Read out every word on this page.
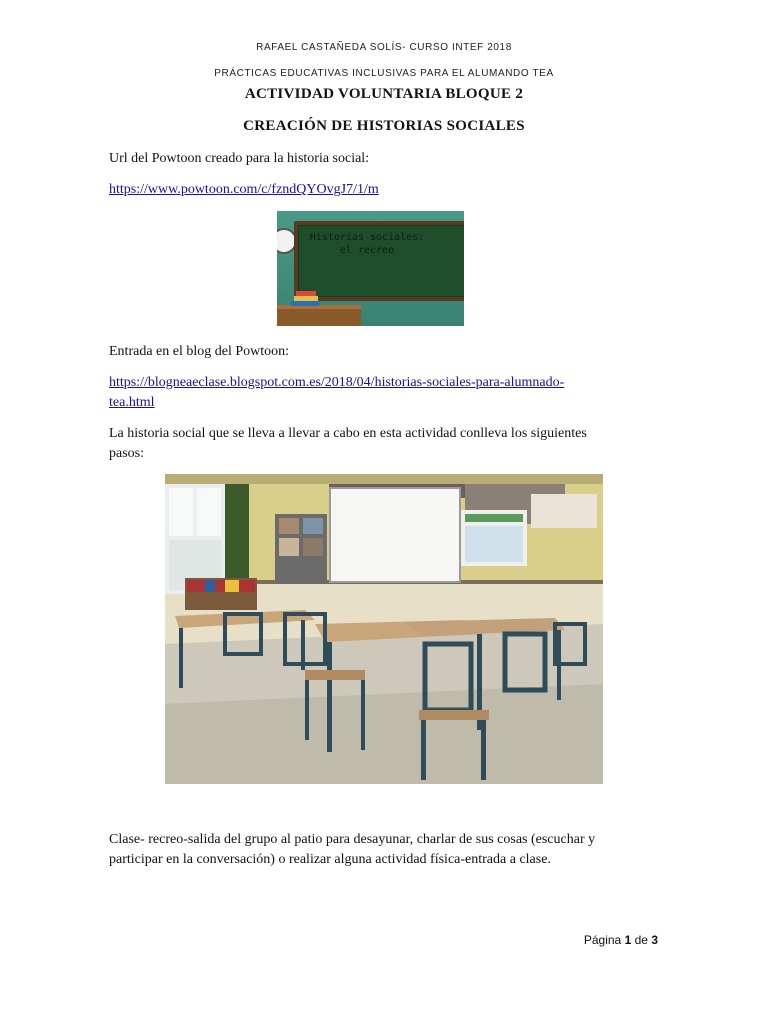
RAFAEL CASTAÑEDA SOLÍS- CURSO INTEF 2018
PRÁCTICAS EDUCATIVAS INCLUSIVAS PARA EL ALUMANDO TEA
ACTIVIDAD VOLUNTARIA BLOQUE 2
CREACIÓN DE HISTORIAS SOCIALES
Url del Powtoon creado para la historia social:
https://www.powtoon.com/c/fzndQYOvgJ7/1/m
Historias sociales:
el recreo
Entrada en el blog del Powtoon:
https://blogneaeclase.blogspot.com.es/2018/04/historias-sociales-para-alumnado-
tea.html
La historia social que se lleva a llevar a cabo en esta actividad conlleva los siguientes
pasos:
Clase- recreo-salida del grupo al patio para desayunar, charlar de sus cosas (escuchar y
participar en la conversación) o realizar alguna actividad física-entrada a clase.
Página 1 de 3
